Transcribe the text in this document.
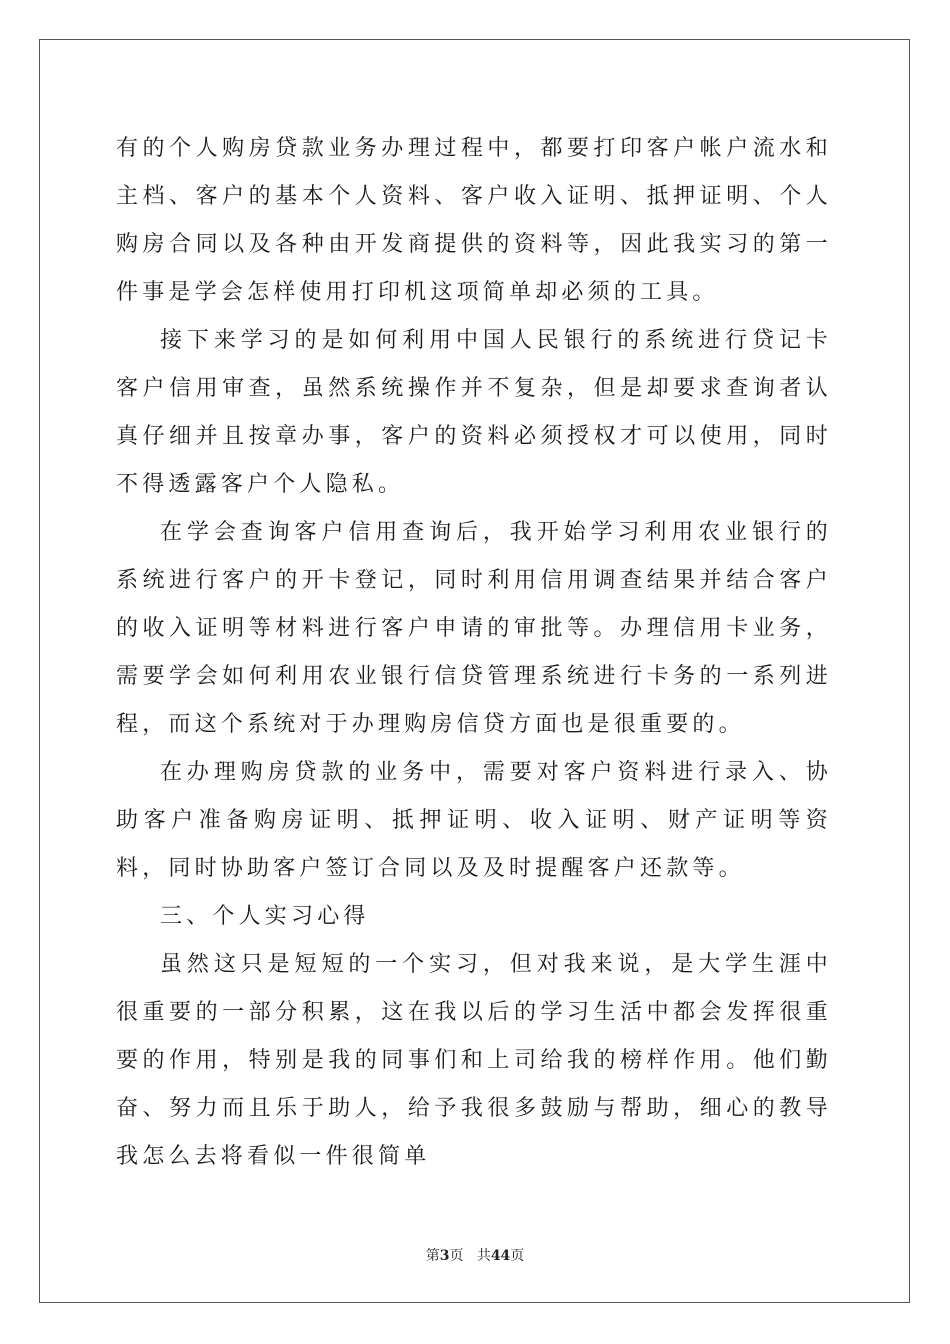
有的个人购房贷款业务办理过程中，都要打印客户帐户流水和主档、客户的基本个人资料、客户收入证明、抵押证明、个人购房合同以及各种由开发商提供的资料等，因此我实习的第一件事是学会怎样使用打印机这项简单却必须的工具。

接下来学习的是如何利用中国人民银行的系统进行贷记卡客户信用审查，虽然系统操作并不复杂，但是却要求查询者认真仔细并且按章办事，客户的资料必须授权才可以使用，同时不得透露客户个人隐私。

在学会查询客户信用查询后，我开始学习利用农业银行的系统进行客户的开卡登记，同时利用信用调查结果并结合客户的收入证明等材料进行客户申请的审批等。办理信用卡业务，需要学会如何利用农业银行信贷管理系统进行卡务的一系列进程，而这个系统对于办理购房信贷方面也是很重要的。

在办理购房贷款的业务中，需要对客户资料进行录入、协助客户准备购房证明、抵押证明、收入证明、财产证明等资料，同时协助客户签订合同以及及时提醒客户还款等。

三、个人实习心得

虽然这只是短短的一个实习，但对我来说，是大学生涯中很重要的一部分积累，这在我以后的学习生活中都会发挥很重要的作用，特别是我的同事们和上司给我的榜样作用。他们勤奋、努力而且乐于助人，给予我很多鼓励与帮助，细心的教导我怎么去将看似一件很简单

第3页 共44页
